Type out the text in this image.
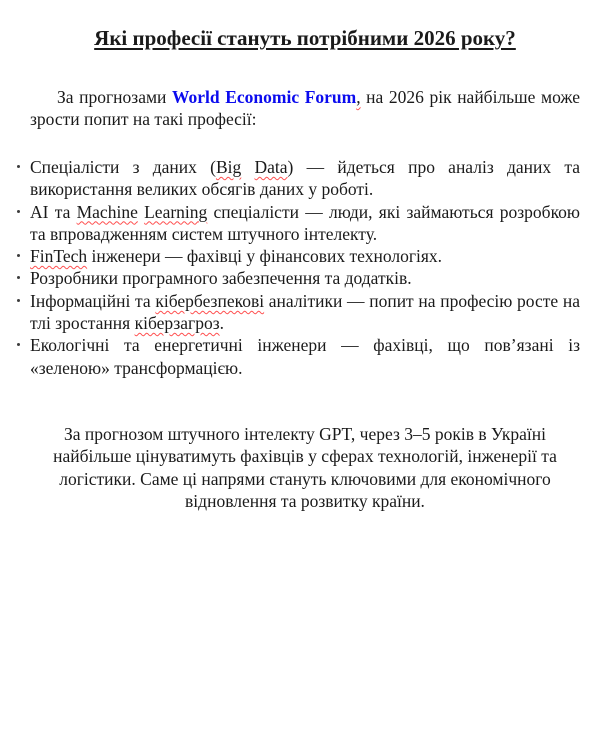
Які професії стануть потрібними 2026 року?

За прогнозами World Economic Forum, на 2026 рік найбільше може зрости попит на такі професії:

Спеціалісти з даних (Big Data) — йдеться про аналіз даних та використання великих обсягів даних у роботі.
AI та Machine Learning спеціалісти — люди, які займаються розробкою та впровадженням систем штучного інтелекту.
FinTech інженери — фахівці у фінансових технологіях.
Розробники програмного забезпечення та додатків.
Інформаційні та кібербезпекові аналітики — попит на професію росте на тлі зростання кіберзагроз.
Екологічні та енергетичні інженери — фахівці, що пов’язані із «зеленою» трансформацією.

За прогнозом штучного інтелекту GPT, через 3–5 років в Україні найбільше цінуватимуть фахівців у сферах технологій, інженерії та логістики. Саме ці напрями стануть ключовими для економічного відновлення та розвитку країни.
